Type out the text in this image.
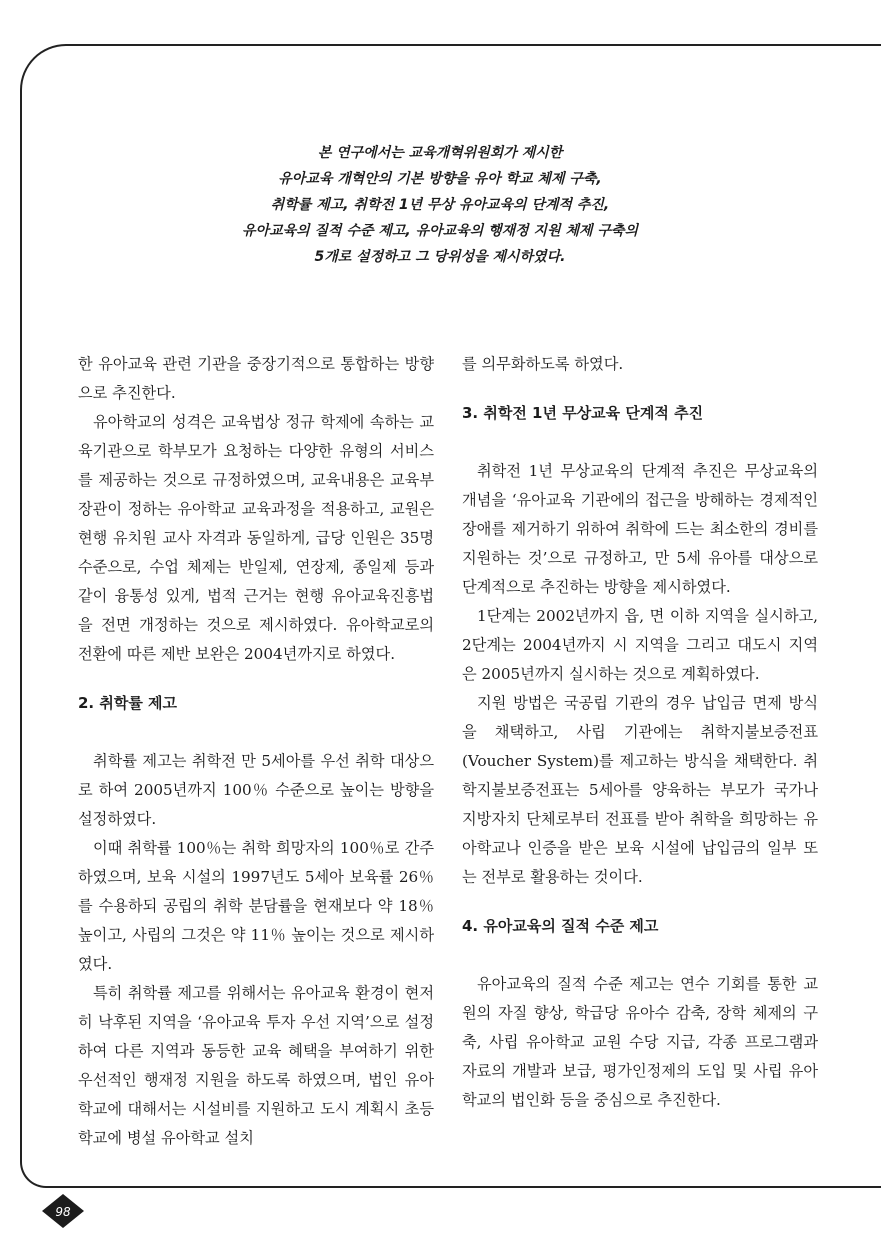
본 연구에서는 교육개혁위원회가 제시한
유아교육 개혁안의 기본 방향을 유아 학교 체제 구축,
취학률 제고, 취학전 1년 무상 유아교육의 단계적 추진,
유아교육의 질적 수준 제고, 유아교육의 행재정 지원 체제 구축의
5개로 설정하고 그 당위성을 제시하였다.

한 유아교육 관련 기관을 중장기적으로 통합하는 방향으로 추진한다.

유아학교의 성격은 교육법상 정규 학제에 속하는 교육기관으로 학부모가 요청하는 다양한 유형의 서비스를 제공하는 것으로 규정하였으며, 교육내용은 교육부 장관이 정하는 유아학교 교육과정을 적용하고, 교원은 현행 유치원 교사 자격과 동일하게, 급당 인원은 35명 수준으로, 수업 체제는 반일제, 연장제, 종일제 등과 같이 융통성 있게, 법적 근거는 현행 유아교육진흥법을 전면 개정하는 것으로 제시하였다. 유아학교로의 전환에 따른 제반 보완은 2004년까지로 하였다.

2. 취학률 제고

취학률 제고는 취학전 만 5세아를 우선 취학 대상으로 하여 2005년까지 100％ 수준으로 높이는 방향을 설정하였다.

이때 취학률 100％는 취학 희망자의 100％로 간주하였으며, 보육 시설의 1997년도 5세아 보육률 26％를 수용하되 공립의 취학 분담률을 현재보다 약 18％ 높이고, 사립의 그것은 약 11％ 높이는 것으로 제시하였다.

특히 취학률 제고를 위해서는 유아교육 환경이 현저히 낙후된 지역을 ‘유아교육 투자 우선 지역’으로 설정하여 다른 지역과 동등한 교육 혜택을 부여하기 위한 우선적인 행재정 지원을 하도록 하였으며, 법인 유아학교에 대해서는 시설비를 지원하고 도시 계획시 초등학교에 병설 유아학교 설치

를 의무화하도록 하였다.

3. 취학전 1년 무상교육 단계적 추진

취학전 1년 무상교육의 단계적 추진은 무상교육의 개념을 ‘유아교육 기관에의 접근을 방해하는 경제적인 장애를 제거하기 위하여 취학에 드는 최소한의 경비를 지원하는 것’으로 규정하고, 만 5세 유아를 대상으로 단계적으로 추진하는 방향을 제시하였다.

1단계는 2002년까지 읍, 면 이하 지역을 실시하고, 2단계는 2004년까지 시 지역을 그리고 대도시 지역은 2005년까지 실시하는 것으로 계획하였다.

지원 방법은 국공립 기관의 경우 납입금 면제 방식을 채택하고, 사립 기관에는 취학지불보증전표(Voucher System)를 제고하는 방식을 채택한다. 취학지불보증전표는 5세아를 양육하는 부모가 국가나 지방자치 단체로부터 전표를 받아 취학을 희망하는 유아학교나 인증을 받은 보육 시설에 납입금의 일부 또는 전부로 활용하는 것이다.

4. 유아교육의 질적 수준 제고

유아교육의 질적 수준 제고는 연수 기회를 통한 교원의 자질 향상, 학급당 유아수 감축, 장학 체제의 구축, 사립 유아학교 교원 수당 지급, 각종 프로그램과 자료의 개발과 보급, 평가인정제의 도입 및 사립 유아학교의 법인화 등을 중심으로 추진한다.

98
